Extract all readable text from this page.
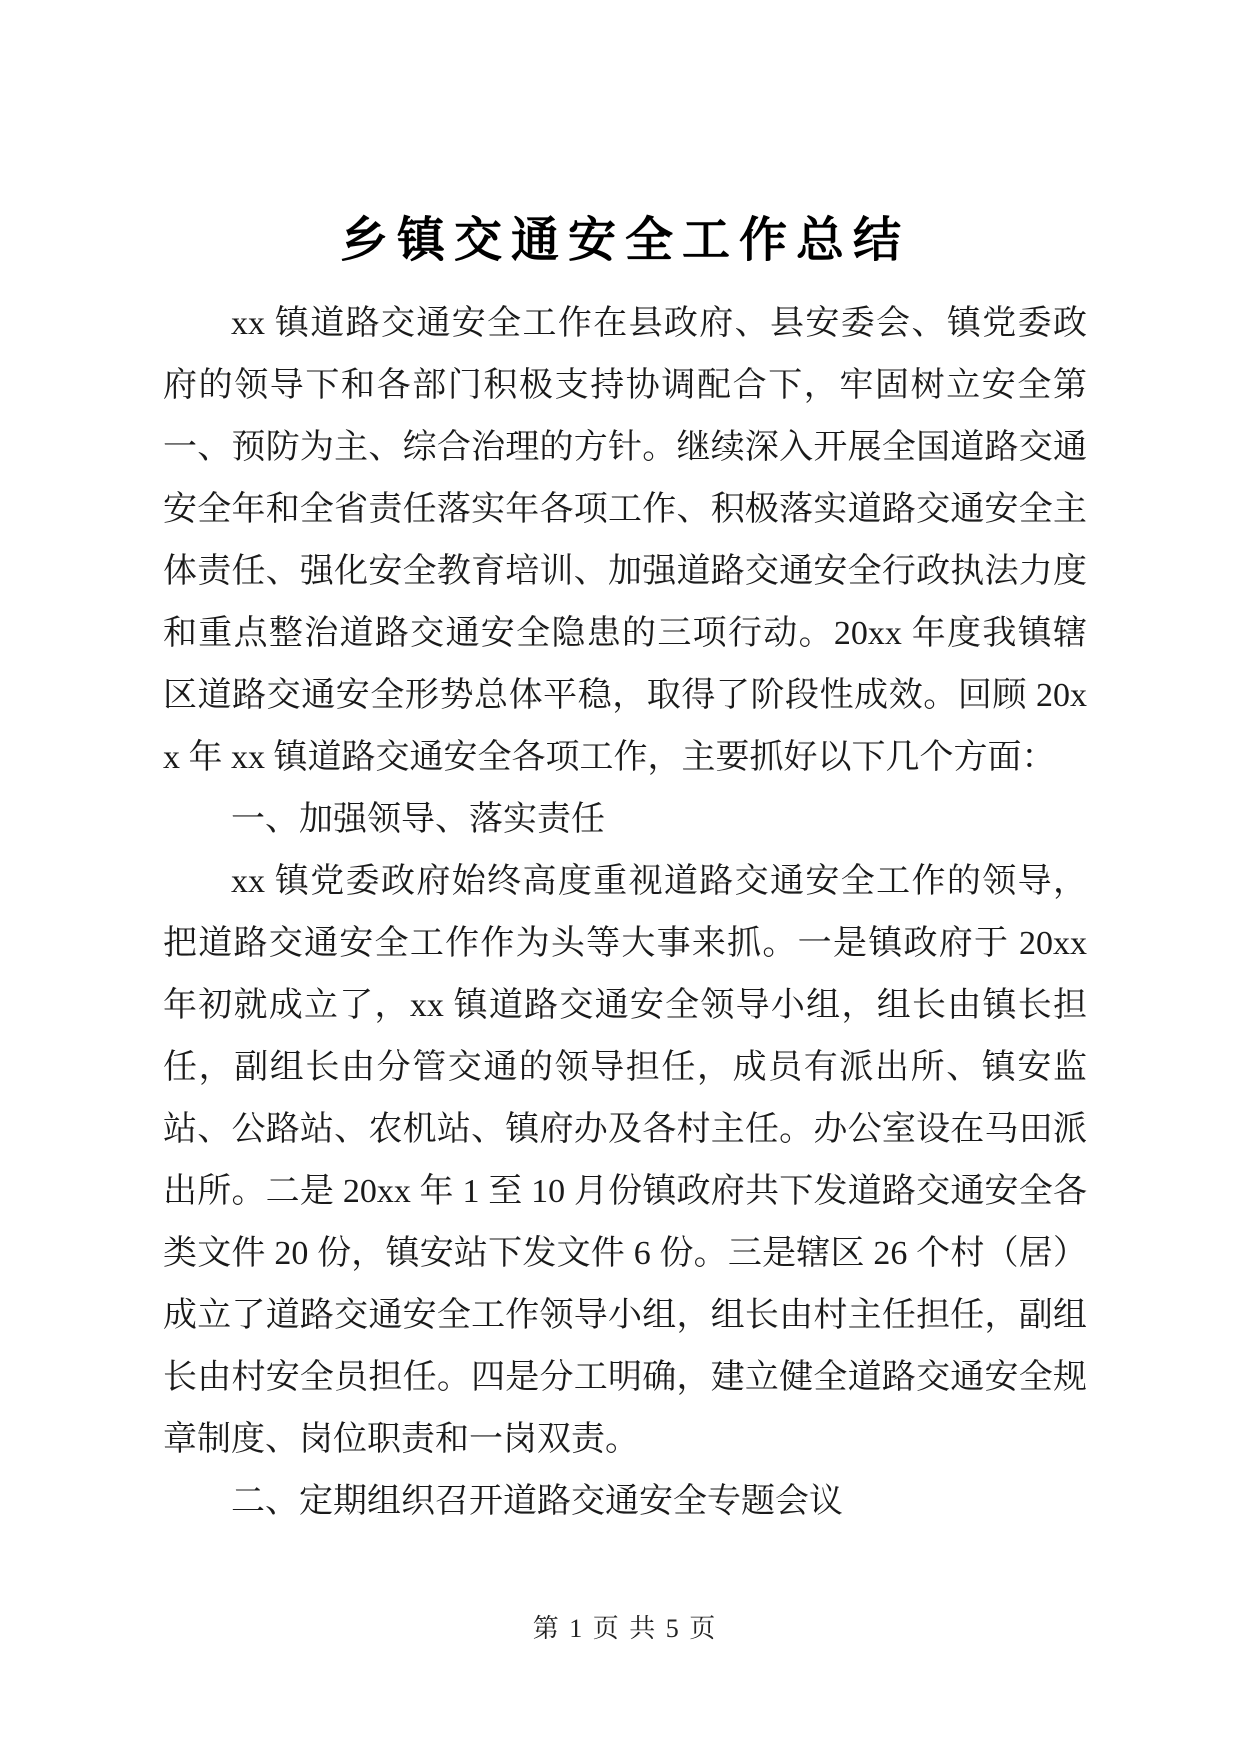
乡镇交通安全工作总结

xx 镇道路交通安全工作在县政府、县安委会、镇党委政府的领导下和各部门积极支持协调配合下，牢固树立安全第一、预防为主、综合治理的方针。继续深入开展全国道路交通安全年和全省责任落实年各项工作、积极落实道路交通安全主体责任、强化安全教育培训、加强道路交通安全行政执法力度和重点整治道路交通安全隐患的三项行动。20xx 年度我镇辖区道路交通安全形势总体平稳，取得了阶段性成效。回顾 20xx 年 xx 镇道路交通安全各项工作，主要抓好以下几个方面：

一、加强领导、落实责任

xx 镇党委政府始终高度重视道路交通安全工作的领导，把道路交通安全工作作为头等大事来抓。一是镇政府于 20xx 年初就成立了，xx 镇道路交通安全领导小组，组长由镇长担任，副组长由分管交通的领导担任，成员有派出所、镇安监站、公路站、农机站、镇府办及各村主任。办公室设在马田派出所。二是 20xx 年 1 至 10 月份镇政府共下发道路交通安全各类文件 20 份，镇安站下发文件 6 份。三是辖区 26 个村（居）成立了道路交通安全工作领导小组，组长由村主任担任，副组长由村安全员担任。四是分工明确，建立健全道路交通安全规章制度、岗位职责和一岗双责。

二、定期组织召开道路交通安全专题会议

第 1 页 共 5 页
